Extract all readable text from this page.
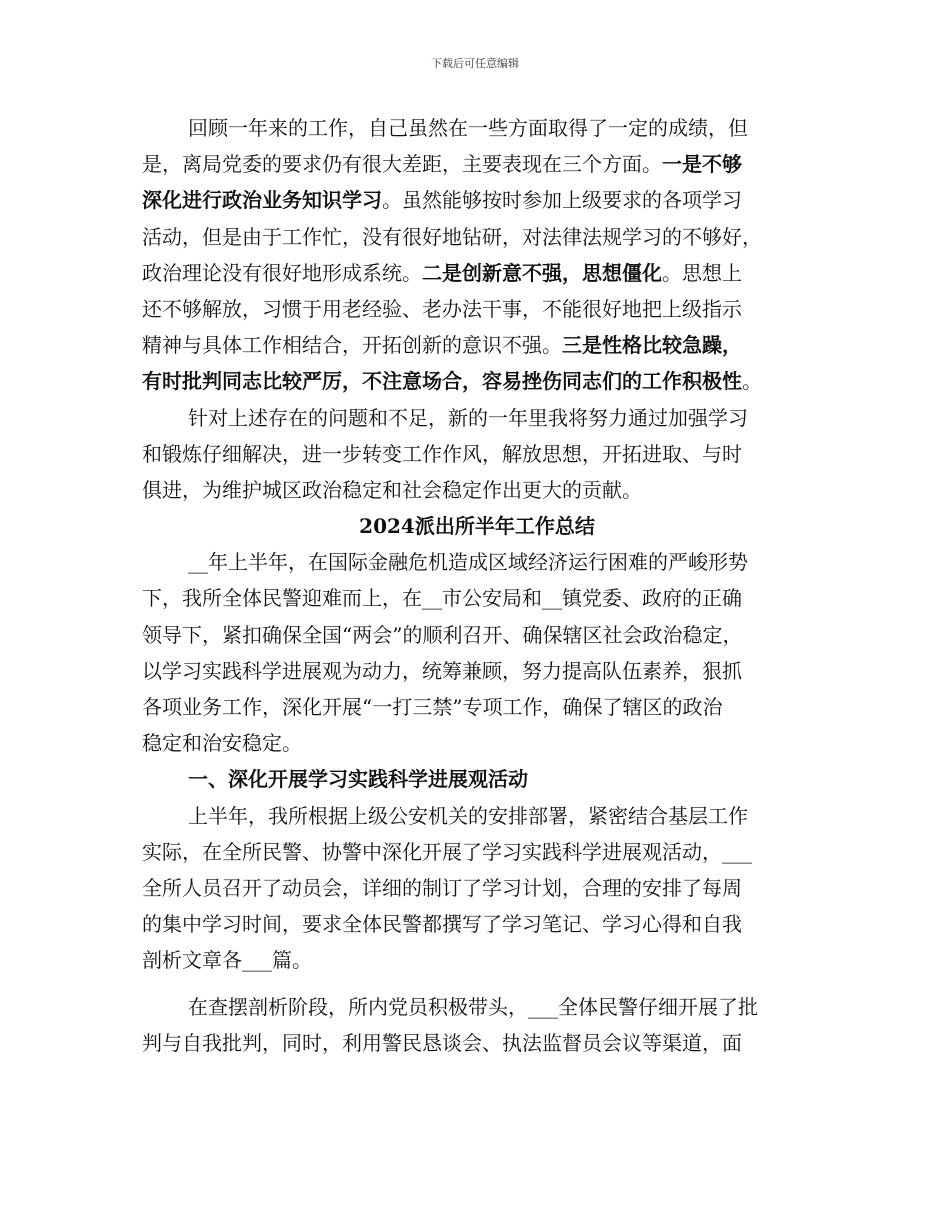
下载后可任意编辑
回顾一年来的工作，自己虽然在一些方面取得了一定的成绩，但
是，离局党委的要求仍有很大差距，主要表现在三个方面。一是不够
深化进行政治业务知识学习。虽然能够按时参加上级要求的各项学习
活动，但是由于工作忙，没有很好地钻研，对法律法规学习的不够好，
政治理论没有很好地形成系统。二是创新意不强，思想僵化。思想上
还不够解放，习惯于用老经验、老办法干事，不能很好地把上级指示
精神与具体工作相结合，开拓创新的意识不强。三是性格比较急躁，
有时批判同志比较严厉，不注意场合，容易挫伤同志们的工作积极性。
针对上述存在的问题和不足，新的一年里我将努力通过加强学习
和锻炼仔细解决，进一步转变工作作风，解放思想，开拓进取、与时
俱进，为维护城区政治稳定和社会稳定作出更大的贡献。
2024派出所半年工作总结
__年上半年，在国际金融危机造成区域经济运行困难的严峻形势
下，我所全体民警迎难而上，在__市公安局和__镇党委、政府的正确
领导下，紧扣确保全国“两会”的顺利召开、确保辖区社会政治稳定，
以学习实践科学进展观为动力，统筹兼顾，努力提高队伍素养，狠抓
各项业务工作，深化开展“一打三禁”专项工作，确保了辖区的政治
稳定和治安稳定。
一、深化开展学习实践科学进展观活动
上半年，我所根据上级公安机关的安排部署，紧密结合基层工作
实际，在全所民警、协警中深化开展了学习实践科学进展观活动，___
全所人员召开了动员会，详细的制订了学习计划，合理的安排了每周
的集中学习时间，要求全体民警都撰写了学习笔记、学习心得和自我
剖析文章各___篇。
在查摆剖析阶段，所内党员积极带头，___全体民警仔细开展了批
判与自我批判，同时，利用警民恳谈会、执法监督员会议等渠道，面
